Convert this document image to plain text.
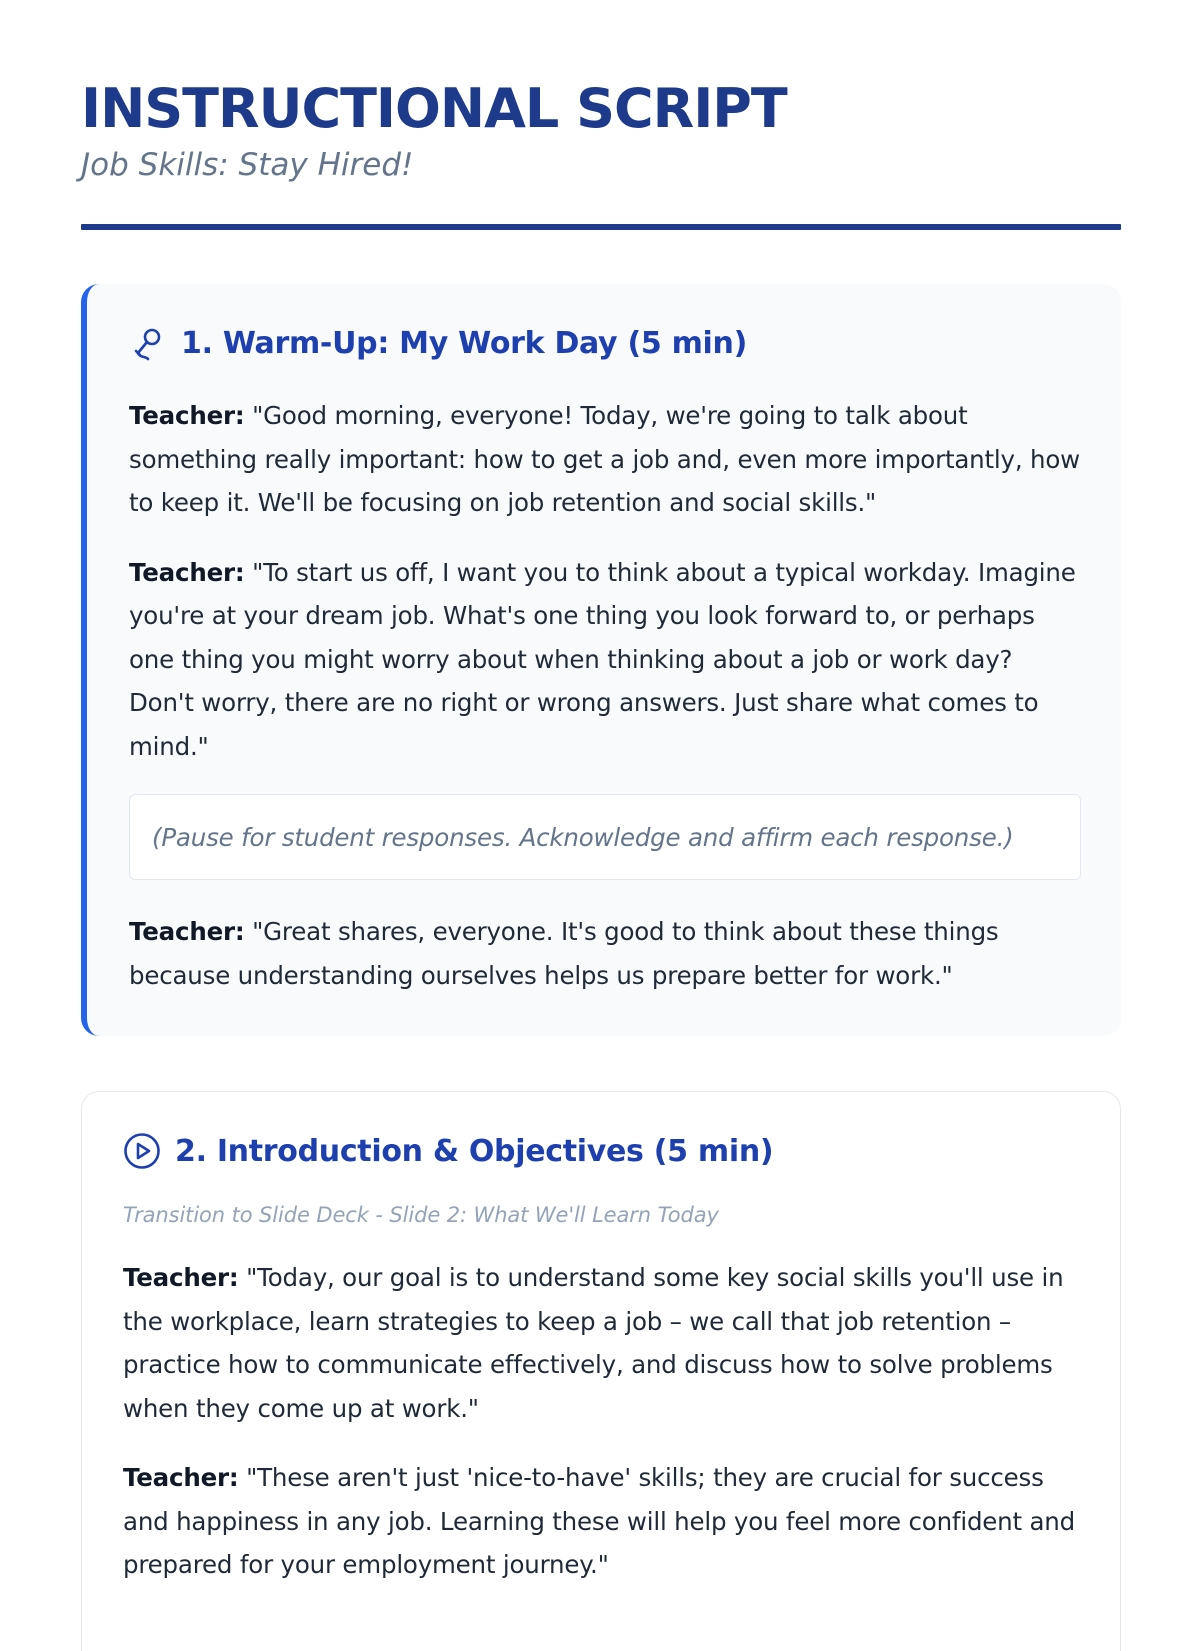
INSTRUCTIONAL SCRIPT

Job Skills: Stay Hired!

1. Warm-Up: My Work Day (5 min)

Teacher: "Good morning, everyone! Today, we're going to talk about something really important: how to get a job and, even more importantly, how to keep it. We'll be focusing on job retention and social skills."

Teacher: "To start us off, I want you to think about a typical workday. Imagine you're at your dream job. What's one thing you look forward to, or perhaps one thing you might worry about when thinking about a job or work day? Don't worry, there are no right or wrong answers. Just share what comes to mind."

(Pause for student responses. Acknowledge and affirm each response.)

Teacher: "Great shares, everyone. It's good to think about these things because understanding ourselves helps us prepare better for work."

2. Introduction & Objectives (5 min)
Transition to Slide Deck - Slide 2: What We'll Learn Today

Teacher: "Today, our goal is to understand some key social skills you'll use in the workplace, learn strategies to keep a job – we call that job retention – practice how to communicate effectively, and discuss how to solve problems when they come up at work."

Teacher: "These aren't just 'nice-to-have' skills; they are crucial for success and happiness in any job. Learning these will help you feel more confident and prepared for your employment journey."
